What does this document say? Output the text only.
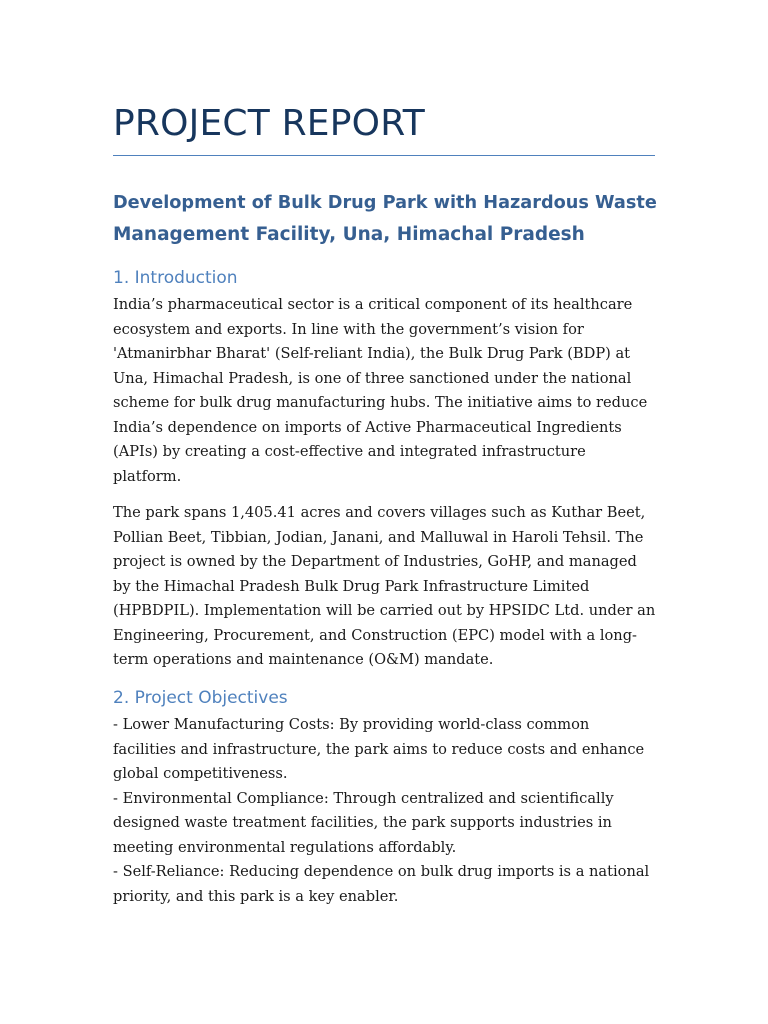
PROJECT REPORT
Development of Bulk Drug Park with Hazardous Waste
Management Facility, Una, Himachal Pradesh
1. Introduction

India’s pharmaceutical sector is a critical component of its healthcare
ecosystem and exports. In line with the government’s vision for
'Atmanirbhar Bharat' (Self-reliant India), the Bulk Drug Park (BDP) at
Una, Himachal Pradesh, is one of three sanctioned under the national
scheme for bulk drug manufacturing hubs. The initiative aims to reduce
India’s dependence on imports of Active Pharmaceutical Ingredients
(APIs) by creating a cost-effective and integrated infrastructure
platform.

The park spans 1,405.41 acres and covers villages such as Kuthar Beet,
Pollian Beet, Tibbian, Jodian, Janani, and Malluwal in Haroli Tehsil. The
project is owned by the Department of Industries, GoHP, and managed
by the Himachal Pradesh Bulk Drug Park Infrastructure Limited
(HPBDPIL). Implementation will be carried out by HPSIDC Ltd. under an
Engineering, Procurement, and Construction (EPC) model with a long-
term operations and maintenance (O&M) mandate.

2. Project Objectives

- Lower Manufacturing Costs: By providing world-class common
facilities and infrastructure, the park aims to reduce costs and enhance
global competitiveness.
- Environmental Compliance: Through centralized and scientifically
designed waste treatment facilities, the park supports industries in
meeting environmental regulations affordably.
- Self-Reliance: Reducing dependence on bulk drug imports is a national
priority, and this park is a key enabler.
